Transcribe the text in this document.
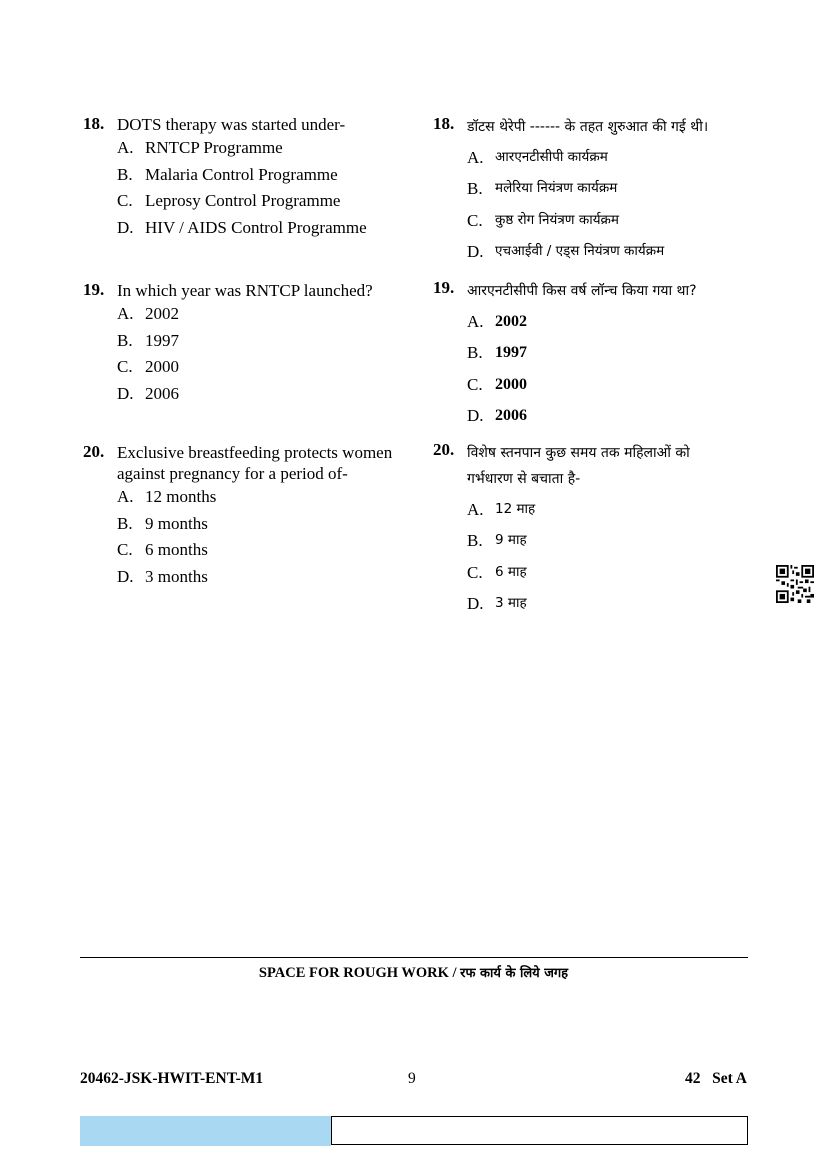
18. DOTS therapy was started under-
A. RNTCP Programme
B. Malaria Control Programme
C. Leprosy Control Programme
D. HIV / AIDS Control Programme
19. In which year was RNTCP launched?
A. 2002
B. 1997
C. 2000
D. 2006
20. Exclusive breastfeeding protects women against pregnancy for a period of-
A. 12 months
B. 9 months
C. 6 months
D. 3 months
18. डॉटस थेरेपी ------ के तहत शुरुआत की गई थी।
A. आरएनटीसीपी कार्यक्रम
B. मलेरिया नियंत्रण कार्यक्रम
C. कुष्ठ रोग नियंत्रण कार्यक्रम
D. एचआईवी / एड्स नियंत्रण कार्यक्रम
19. आरएनटीसीपी किस वर्ष लॉन्च किया गया था?
A. 2002
B. 1997
C. 2000
D. 2006
20. विशेष स्तनपान कुछ समय तक महिलाओं को गर्भधारण से बचाता है-
A. 12 माह
B. 9 माह
C. 6 माह
D. 3 माह
SPACE FOR ROUGH WORK / रफ कार्य के लिये जगह
20462-JSK-HWIT-ENT-M1	9	42   Set A
